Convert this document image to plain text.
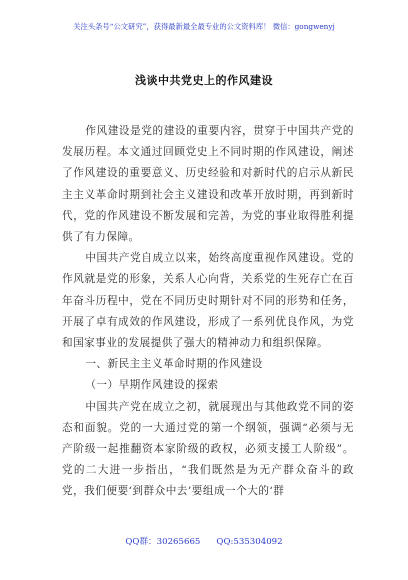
关注头条号“公文研究”，获得最新最全最专业的公文资料库！ 微信：gongwenyj
浅谈中共党史上的作风建设

作风建设是党的建设的重要内容，贯穿于中国共产党的发展历程。本文通过回顾党史上不同时期的作风建设，阐述了作风建设的重要意义、历史经验和对新时代的启示从新民主主义革命时期到社会主义建设和改革开放时期，再到新时代，党的作风建设不断发展和完善，为党的事业取得胜利提供了有力保障。

中国共产党自成立以来，始终高度重视作风建设。党的作风就是党的形象，关系人心向背，关系党的生死存亡在百年奋斗历程中，党在不同历史时期针对不同的形势和任务，开展了卓有成效的作风建设，形成了一系列优良作风，为党和国家事业的发展提供了强大的精神动力和组织保障。

一、新民主主义革命时期的作风建设
（一）早期作风建设的探索

中国共产党在成立之初，就展现出与其他政党不同的姿态和面貌。党的一大通过党的第一个纲领，强调“必须与无产阶级一起推翻资本家阶级的政权，必须支援工人阶级”。党的二大进一步指出，“我们既然是为无产群众奋斗的政党，我们便要‘到群众中去’要组成一个大的‘群

QQ群：30265665 QQ:535304092
